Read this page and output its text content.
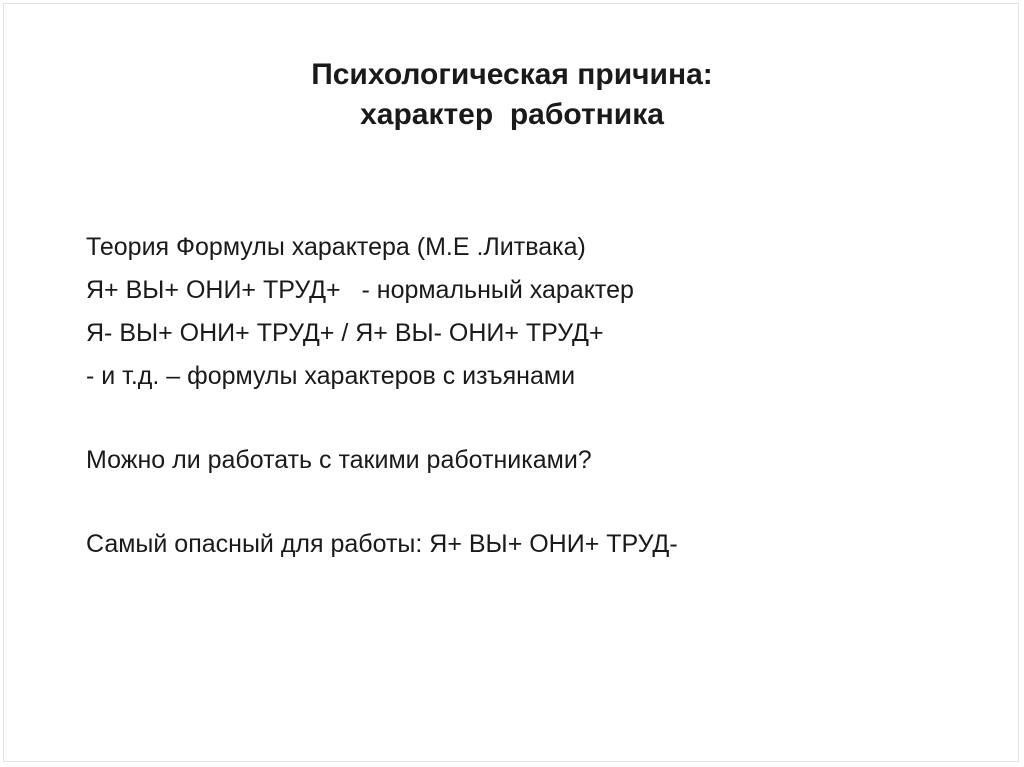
Психологическая причина:
характер  работника
Теория Формулы характера (М.Е .Литвака)
Я+ ВЫ+ ОНИ+ ТРУД+   - нормальный характер
Я- ВЫ+ ОНИ+ ТРУД+ / Я+ ВЫ- ОНИ+ ТРУД+
- и т.д. – формулы характеров с изъянами
Можно ли работать с такими работниками?
Самый опасный для работы: Я+ ВЫ+ ОНИ+ ТРУД-
